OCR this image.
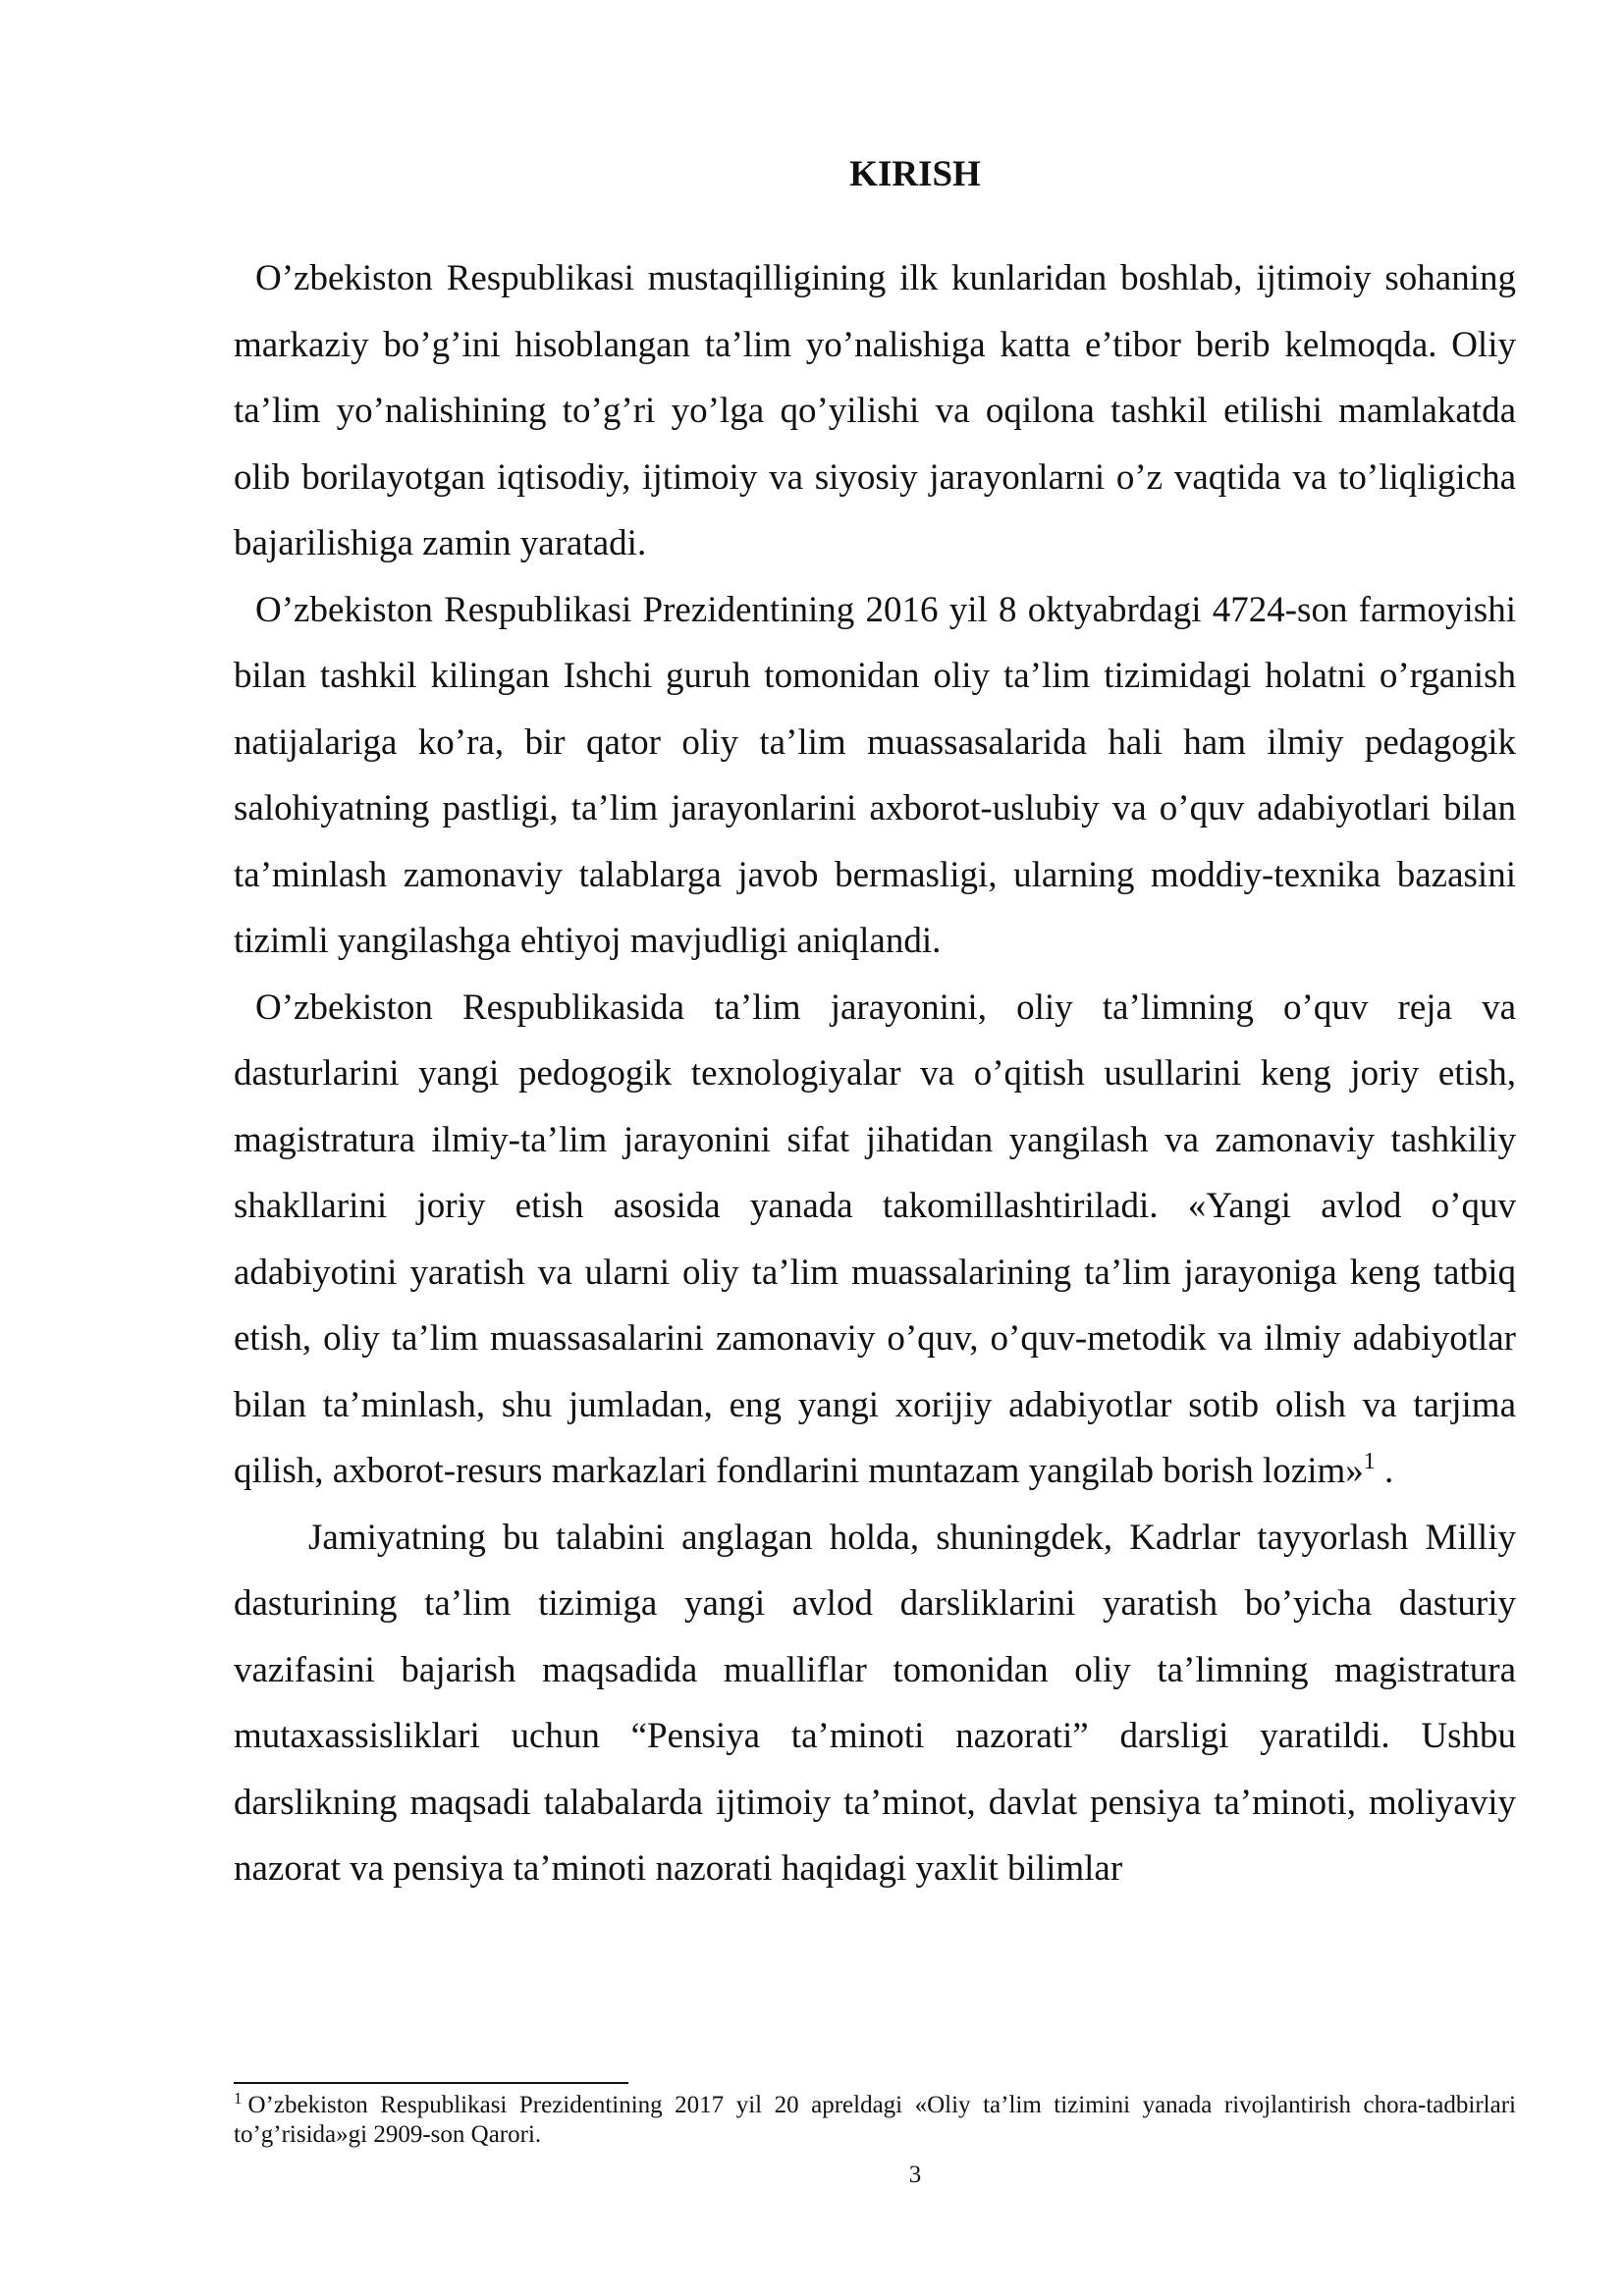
KIRISH

O’zbekiston Respublikasi mustaqilligining ilk kunlaridan boshlab, ijtimoiy sohaning markaziy bo’g’ini hisoblangan ta’lim yo’nalishiga katta e’tibor berib kelmoqda. Oliy ta’lim yo’nalishining to’g’ri yo’lga qo’yilishi va oqilona tashkil etilishi mamlakatda olib borilayotgan iqtisodiy, ijtimoiy va siyosiy jarayonlarni o’z vaqtida va to’liqligicha bajarilishiga zamin yaratadi.

O’zbekiston Respublikasi Prezidentining 2016 yil 8 oktyabrdagi 4724-son farmoyishi bilan tashkil kilingan Ishchi guruh tomonidan oliy ta’lim tizimidagi holatni o’rganish natijalariga ko’ra, bir qator oliy ta’lim muassasalarida hali ham ilmiy pedagogik salohiyatning pastligi, ta’lim jarayonlarini axborot-uslubiy va o’quv adabiyotlari bilan ta’minlash zamonaviy talablarga javob bermasligi, ularning moddiy-texnika bazasini tizimli yangilashga ehtiyoj mavjudligi aniqlandi.

O’zbekiston Respublikasida ta’lim jarayonini, oliy ta’limning o’quv reja va dasturlarini yangi pedogogik texnologiyalar va o’qitish usullarini keng joriy etish, magistratura ilmiy-ta’lim jarayonini sifat jihatidan yangilash va zamonaviy tashkiliy shakllarini joriy etish asosida yanada takomillashtiriladi. «Yangi avlod o’quv adabiyotini yaratish va ularni oliy ta’lim muassalarining ta’lim jarayoniga keng tatbiq etish, oliy ta’lim muassasalarini zamonaviy o’quv, o’quv-metodik va ilmiy adabiyotlar bilan ta’minlash, shu jumladan, eng yangi xorijiy adabiyotlar sotib olish va tarjima qilish, axborot-resurs markazlari fondlarini muntazam yangilab borish lozim»$^1$ .

Jamiyatning bu talabini anglagan holda, shuningdek, Kadrlar tayyorlash Milliy dasturining ta’lim tizimiga yangi avlod darsliklarini yaratish bo’yicha dasturiy vazifasini bajarish maqsadida mualliflar tomonidan oliy ta’limning magistratura mutaxassisliklari uchun “Pensiya ta’minoti nazorati” darsligi yaratildi. Ushbu darslikning maqsadi talabalarda ijtimoiy ta’minot, davlat pensiya ta’minoti, moliyaviy nazorat va pensiya ta’minoti nazorati haqidagi yaxlit bilimlar

$^1$ O’zbekiston Respublikasi Prezidentining 2017 yil 20 apreldagi «Oliy ta’lim tizimini yanada rivojlantirish chora-tadbirlari to’g’risida»gi 2909-son Qarori.

3
